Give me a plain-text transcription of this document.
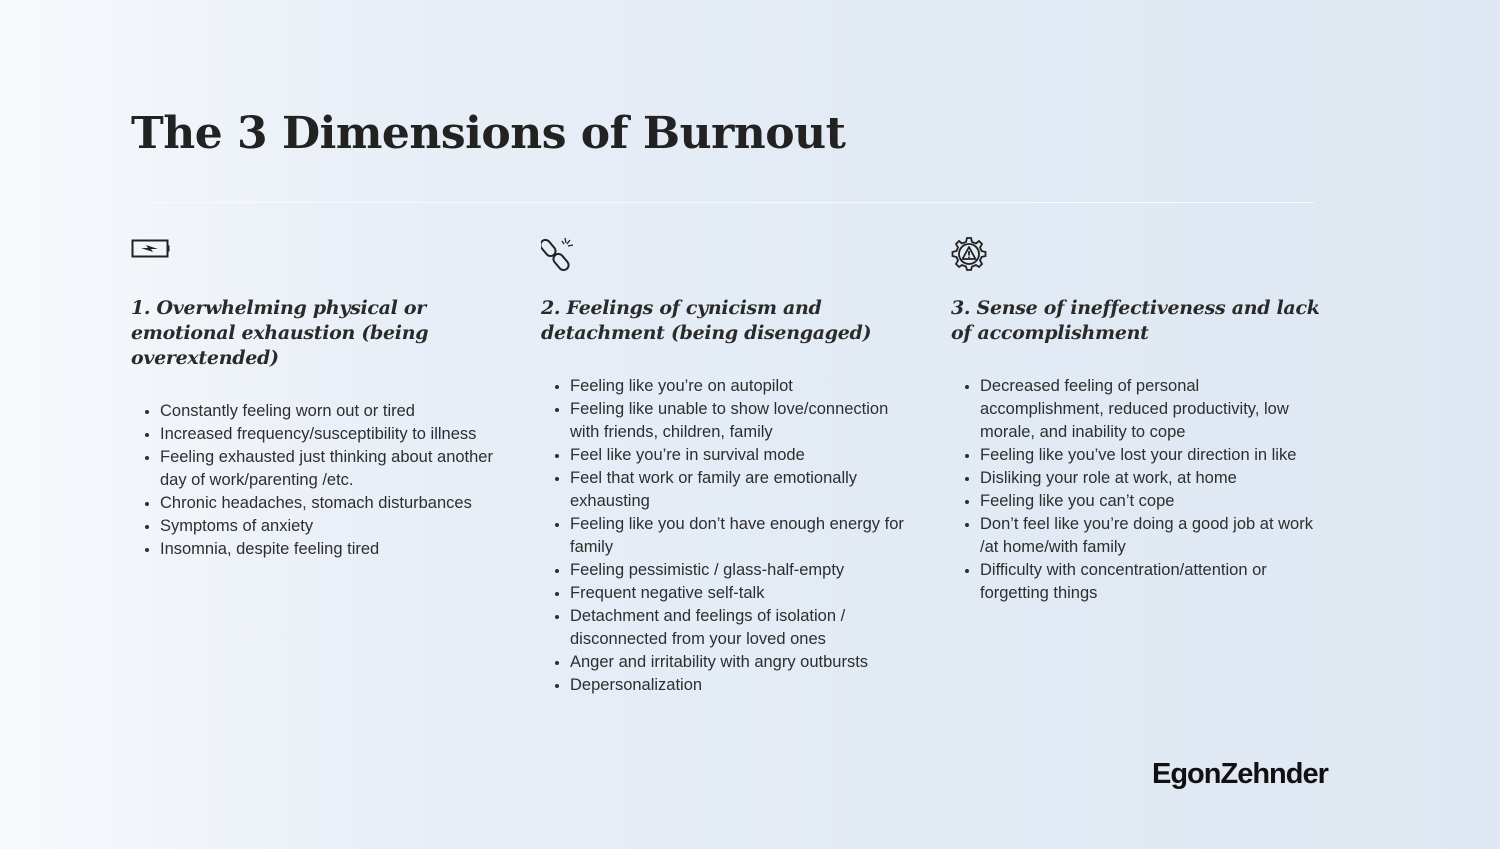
The 3 Dimensions of Burnout
1. Overwhelming physical or emotional exhaustion (being overextended)
• Constantly feeling worn out or tired
• Increased frequency/susceptibility to illness
• Feeling exhausted just thinking about another day of work/parenting /etc.
• Chronic headaches, stomach disturbances
• Symptoms of anxiety
• Insomnia, despite feeling tired
2. Feelings of cynicism and detachment (being disengaged)
• Feeling like you’re on autopilot
• Feeling like unable to show love/connection with friends, children, family
• Feel like you’re in survival mode
• Feel that work or family are emotionally exhausting
• Feeling like you don’t have enough energy for family
• Feeling pessimistic / glass-half-empty
• Frequent negative self-talk
• Detachment and feelings of isolation / disconnected from your loved ones
• Anger and irritability with angry outbursts
• Depersonalization
3. Sense of ineffectiveness and lack of accomplishment
• Decreased feeling of personal accomplishment, reduced productivity, low morale, and inability to cope
• Feeling like you’ve lost your direction in like
• Disliking your role at work, at home
• Feeling like you can’t cope
• Don’t feel like you’re doing a good job at work /at home/with family
• Difficulty with concentration/attention or forgetting things
EgonZehnder
